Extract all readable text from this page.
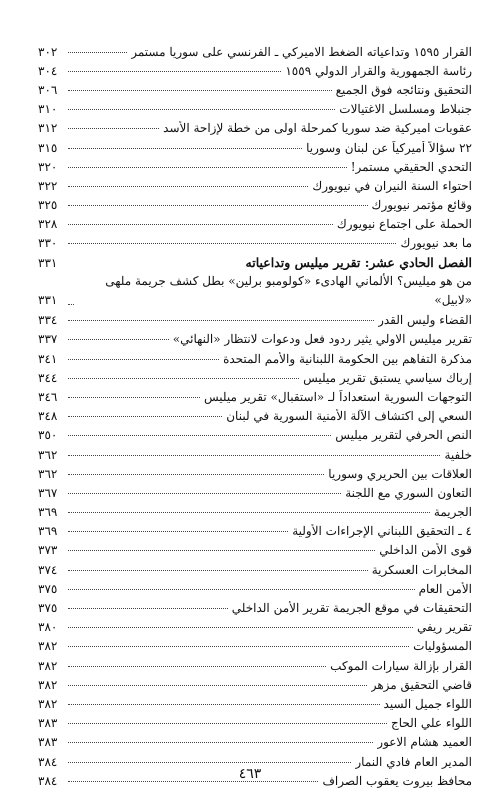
القرار ١٥٩٥ وتداعياته الضغط الاميركي ـ الفرنسي على سوريا مستمر
٣٠٢
رئاسة الجمهورية والقرار الدولي ١٥٥٩
٣٠٤
التحقيق ونتائجه فوق الجميع
٣٠٦
جنبلاط ومسلسل الاغتيالات
٣١٠
عقوبات اميركية ضد سوريا كمرحلة اولى من خطة لإزاحة الأسد
٣١٢
٢٢ سؤالاً أميركياً عن لبنان وسوريا
٣١٥
التحدي الحقيقي مستمر!
٣٢٠
احتواء السنة النيران في نيويورك
٣٢٢
وقائع مؤتمر نيويورك
٣٢٥
الحملة على اجتماع نيويورك
٣٢٨
ما بعد نيويورك
٣٣٠
الفصل الحادي عشر: تقرير ميليس وتداعياته
٣٣١
من هو ميليس؟ الألماني الهادىء «كولومبو برلين» بطل كشف جريمة ملهى «لابيل»
٣٣١
القضاء وليس القدر
٣٣٤
تقرير ميليس الاولي يثير ردود فعل ودعوات لانتظار «النهائي»
٣٣٧
مذكرة التفاهم بين الحكومة اللبنانية والأمم المتحدة
٣٤١
إرباك سياسي يستبق تقرير ميليس
٣٤٤
التوجهات السورية استعداداً لـ «استقبال» تقرير ميليس
٣٤٦
السعي إلى اكتشاف الآلة الأمنية السورية في لبنان
٣٤٨
النص الحرفي لتقرير ميليس
٣٥٠
خلفية
٣٦٢
العلاقات بين الحريري وسوريا
٣٦٢
التعاون السوري مع اللجنة
٣٦٧
الجريمة
٣٦٩
٤ ـ التحقيق اللبناني الإجراءات الأولية
٣٦٩
قوى الأمن الداخلي
٣٧٣
المخابرات العسكرية
٣٧٤
الأمن العام
٣٧٥
التحقيقات في موقع الجريمة تقرير الأمن الداخلي
٣٧٥
تقرير ريفي
٣٨٠
المسؤوليات
٣٨٢
القرار بإزالة سيارات الموكب
٣٨٢
قاضي التحقيق مزهر
٣٨٢
اللواء جميل السيد
٣٨٢
اللواء علي الحاج
٣٨٣
العميد هشام الاعور
٣٨٣
المدير العام فادي النمار
٣٨٤
محافظ بيروت يعقوب الصراف
٣٨٤	٤٦٣
